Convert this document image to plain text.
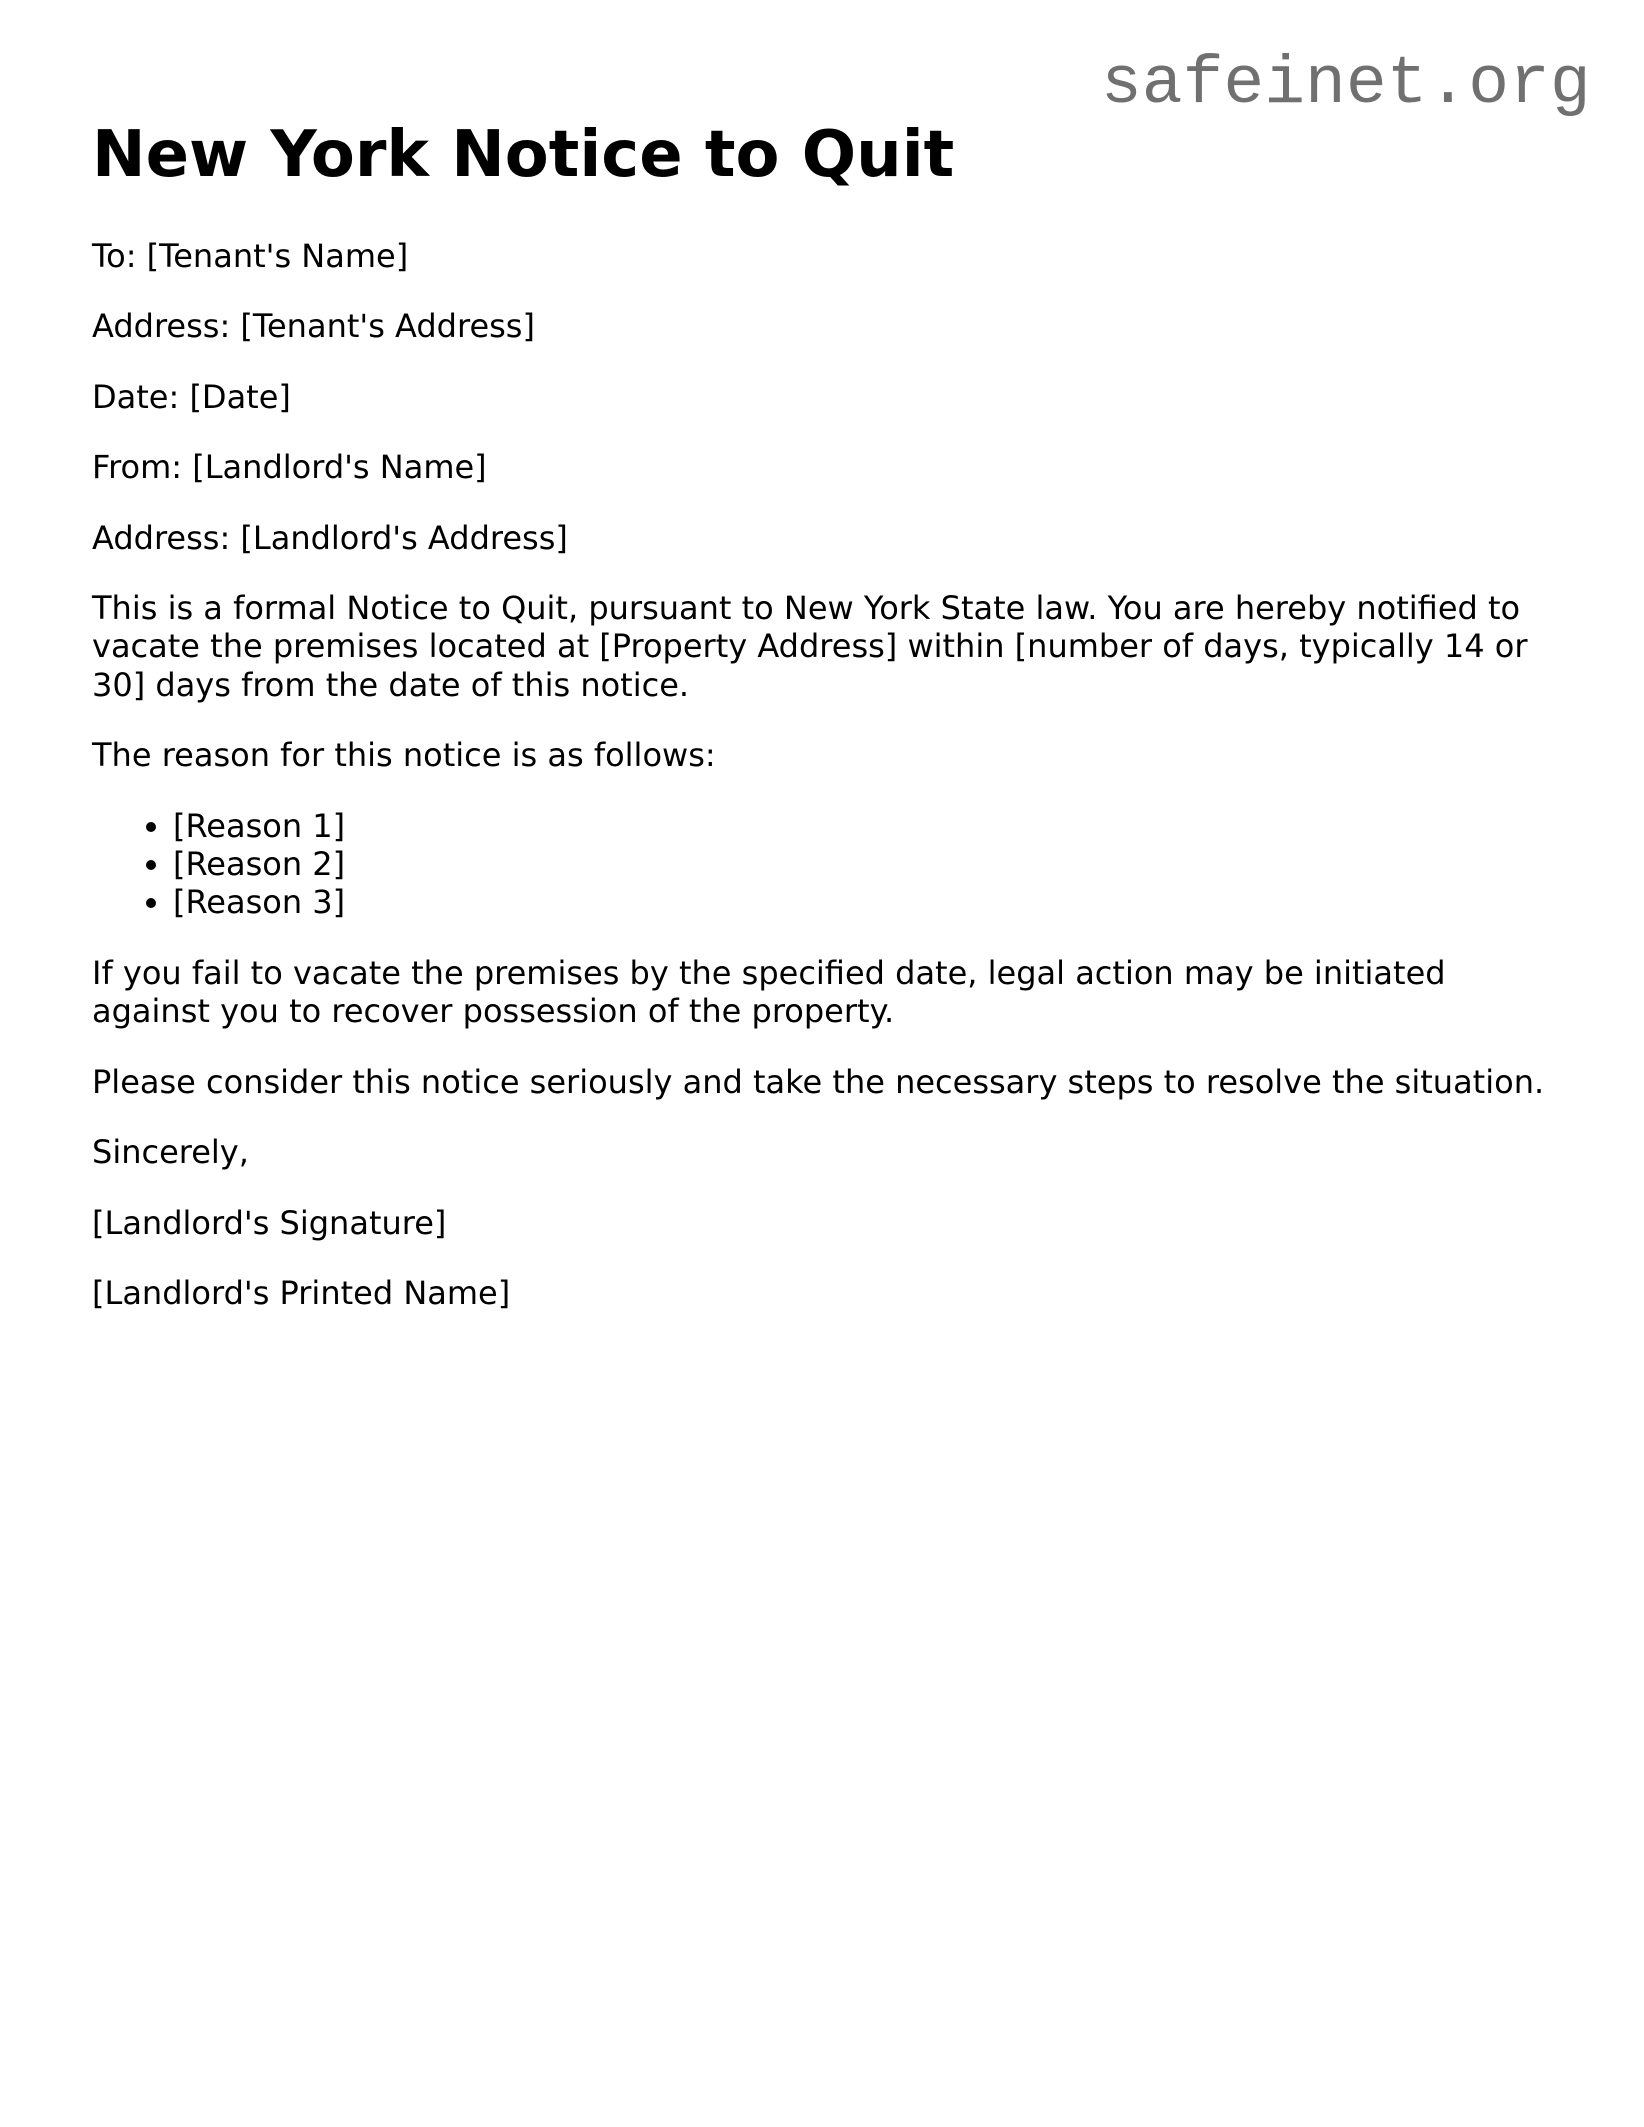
safeinet.org
New York Notice to Quit

To: [Tenant's Name]

Address: [Tenant's Address]

Date: [Date]

From: [Landlord's Name]

Address: [Landlord's Address]

This is a formal Notice to Quit, pursuant to New York State law. You are hereby notified to vacate the premises located at [Property Address] within [number of days, typically 14 or 30] days from the date of this notice.

The reason for this notice is as follows:

• [Reason 1]
• [Reason 2]
• [Reason 3]

If you fail to vacate the premises by the specified date, legal action may be initiated against you to recover possession of the property.

Please consider this notice seriously and take the necessary steps to resolve the situation.

Sincerely,

[Landlord's Signature]

[Landlord's Printed Name]
